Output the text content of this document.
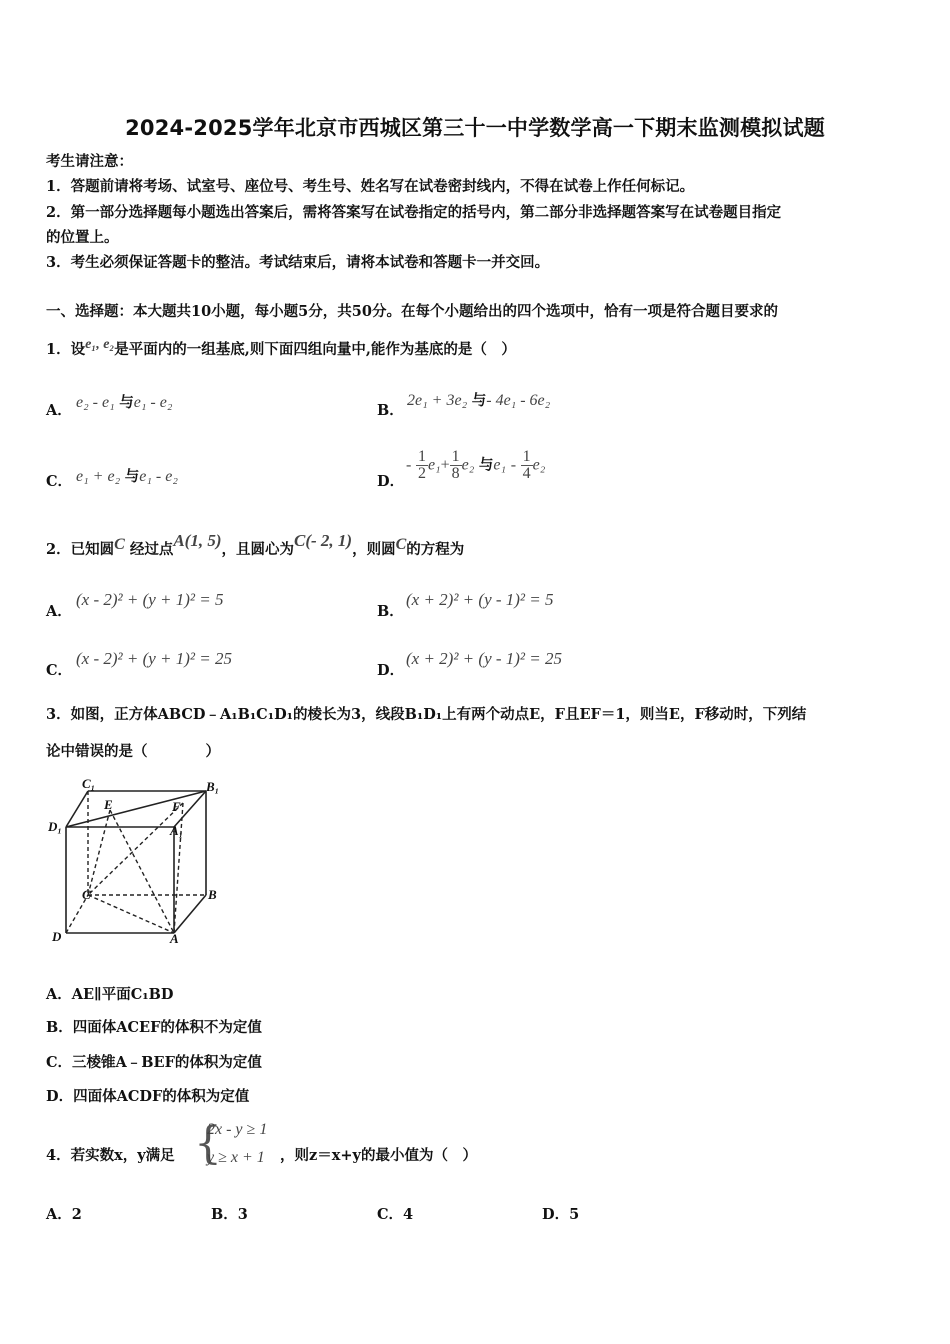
2024-2025学年北京市西城区第三十一中学数学高一下期末监测模拟试题
考生请注意：
1．答题前请将考场、试室号、座位号、考生号、姓名写在试卷密封线内，不得在试卷上作任何标记。
2．第一部分选择题每小题选出答案后，需将答案写在试卷指定的括号内，第二部分非选择题答案写在试卷题目指定
的位置上。
3．考生必须保证答题卡的整洁。考试结束后，请将本试卷和答题卡一并交回。
一、选择题：本大题共10小题，每小题5分，共50分。在每个小题给出的四个选项中，恰有一项是符合题目要求的
1．设e₁, e₂是平面内的一组基底,则下面四组向量中,能作为基底的是（　）
A． e₂ - e₁ 与e₁ - e₂	B．
2e₁ + 3e₂ 与- 4e₁ - 6e₂
C． e₁ + e₂ 与e₁ - e₂	D．
- $\frac{1}{2} e_1+ \frac{1}{8} e_2$ 与$e_1 - \frac{1}{4} e_2$
2．已知圆C 经过点A(1, 5)，且圆心为C(- 2, 1)，则圆C的方程为
A．
(x - 2)² + (y + 1)² = 5
B．
(x + 2)² + (y - 1)² = 5
C．
(x - 2)² + (y + 1)² = 25
D．
(x + 2)² + (y - 1)² = 25
3．如图，正方体ABCD﹣A₁B₁C₁D₁的棱长为3，线段B₁D₁上有两个动点E，F且EF＝1，则当E，F移动时，下列结
论中错误的是（　　　　）
C₁	B₁
D₁	A₁
E	F
C	B
D	A
A．AE∥平面C₁BD
B．四面体ACEF的体积不为定值
C．三棱锥A﹣BEF的体积为定值
D．四面体ACDF的体积为定值
4．若实数x，y满足 {
2x - y ≥ 1
y ≥ x + 1 ，则z＝x+y的最小值为（　）
A．2	B．3	C．4	D．5
